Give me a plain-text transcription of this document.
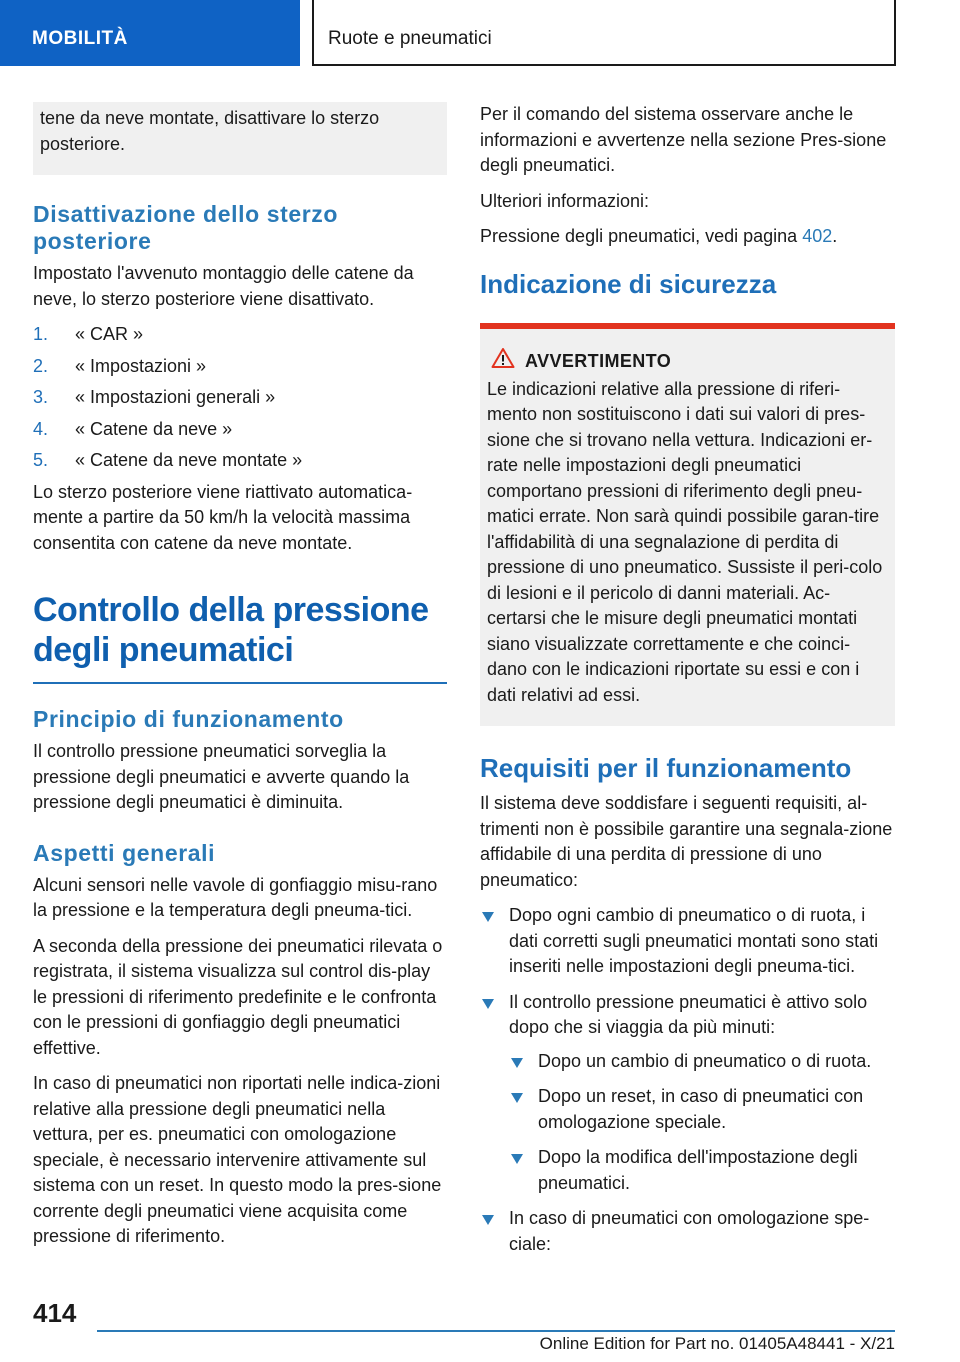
MOBILITÀ	Ruote e pneumatici

tene da neve montate, disattivare lo sterzo posteriore.

Disattivazione dello sterzo posteriore

Impostato l'avvenuto montaggio delle catene da neve, lo sterzo posteriore viene disattivato.

1. « CAR »
2. « Impostazioni »
3. « Impostazioni generali »
4. « Catene da neve »
5. « Catene da neve montate »

Lo sterzo posteriore viene riattivato automatica-mente a partire da 50 km/h la velocità massima consentita con catene da neve montate.

Controllo della pressione degli pneumatici
Principio di funzionamento

Il controllo pressione pneumatici sorveglia la pressione degli pneumatici e avverte quando la pressione degli pneumatici è diminuita.

Aspetti generali

Alcuni sensori nelle vavole di gonfiaggio misu-rano la pressione e la temperatura degli pneuma-tici.

A seconda della pressione dei pneumatici rilevata o registrata, il sistema visualizza sul control dis-play le pressioni di riferimento predefinite e le confronta con le pressioni di gonfiaggio degli pneumatici effettive.

In caso di pneumatici non riportati nelle indica-zioni relative alla pressione degli pneumatici nella vettura, per es. pneumatici con omologazione speciale, è necessario intervenire attivamente sul sistema con un reset. In questo modo la pres-sione corrente degli pneumatici viene acquisita come pressione di riferimento.

Per il comando del sistema osservare anche le informazioni e avvertenze nella sezione Pres-sione degli pneumatici.

Ulteriori informazioni:

Pressione degli pneumatici, vedi pagina 402.

Indicazione di sicurezza
AVVERTIMENTO

Le indicazioni relative alla pressione di riferi-mento non sostituiscono i dati sui valori di pres-sione che si trovano nella vettura. Indicazioni er-rate nelle impostazioni degli pneumatici comportano pressioni di riferimento degli pneu-matici errate. Non sarà quindi possibile garan-tire l'affidabilità di una segnalazione di perdita di pressione di uno pneumatico. Sussiste il peri-colo di lesioni e il pericolo di danni materiali. Ac-certarsi che le misure degli pneumatici montati siano visualizzate correttamente e che coinci-dano con le indicazioni riportate su essi e con i dati relativi ad essi.

Requisiti per il funzionamento

Il sistema deve soddisfare i seguenti requisiti, al-trimenti non è possibile garantire una segnala-zione affidabile di una perdita di pressione di uno pneumatico:

Dopo ogni cambio di pneumatico o di ruota, i dati corretti sugli pneumatici montati sono stati inseriti nelle impostazioni degli pneuma-tici.
Il controllo pressione pneumatici è attivo solo dopo che si viaggia da più minuti:
Dopo un cambio di pneumatico o di ruota.
Dopo un reset, in caso di pneumatici con omologazione speciale.
Dopo la modifica dell'impostazione degli pneumatici.
In caso di pneumatici con omologazione spe-ciale:
414
Online Edition for Part no. 01405A48441 - X/21
